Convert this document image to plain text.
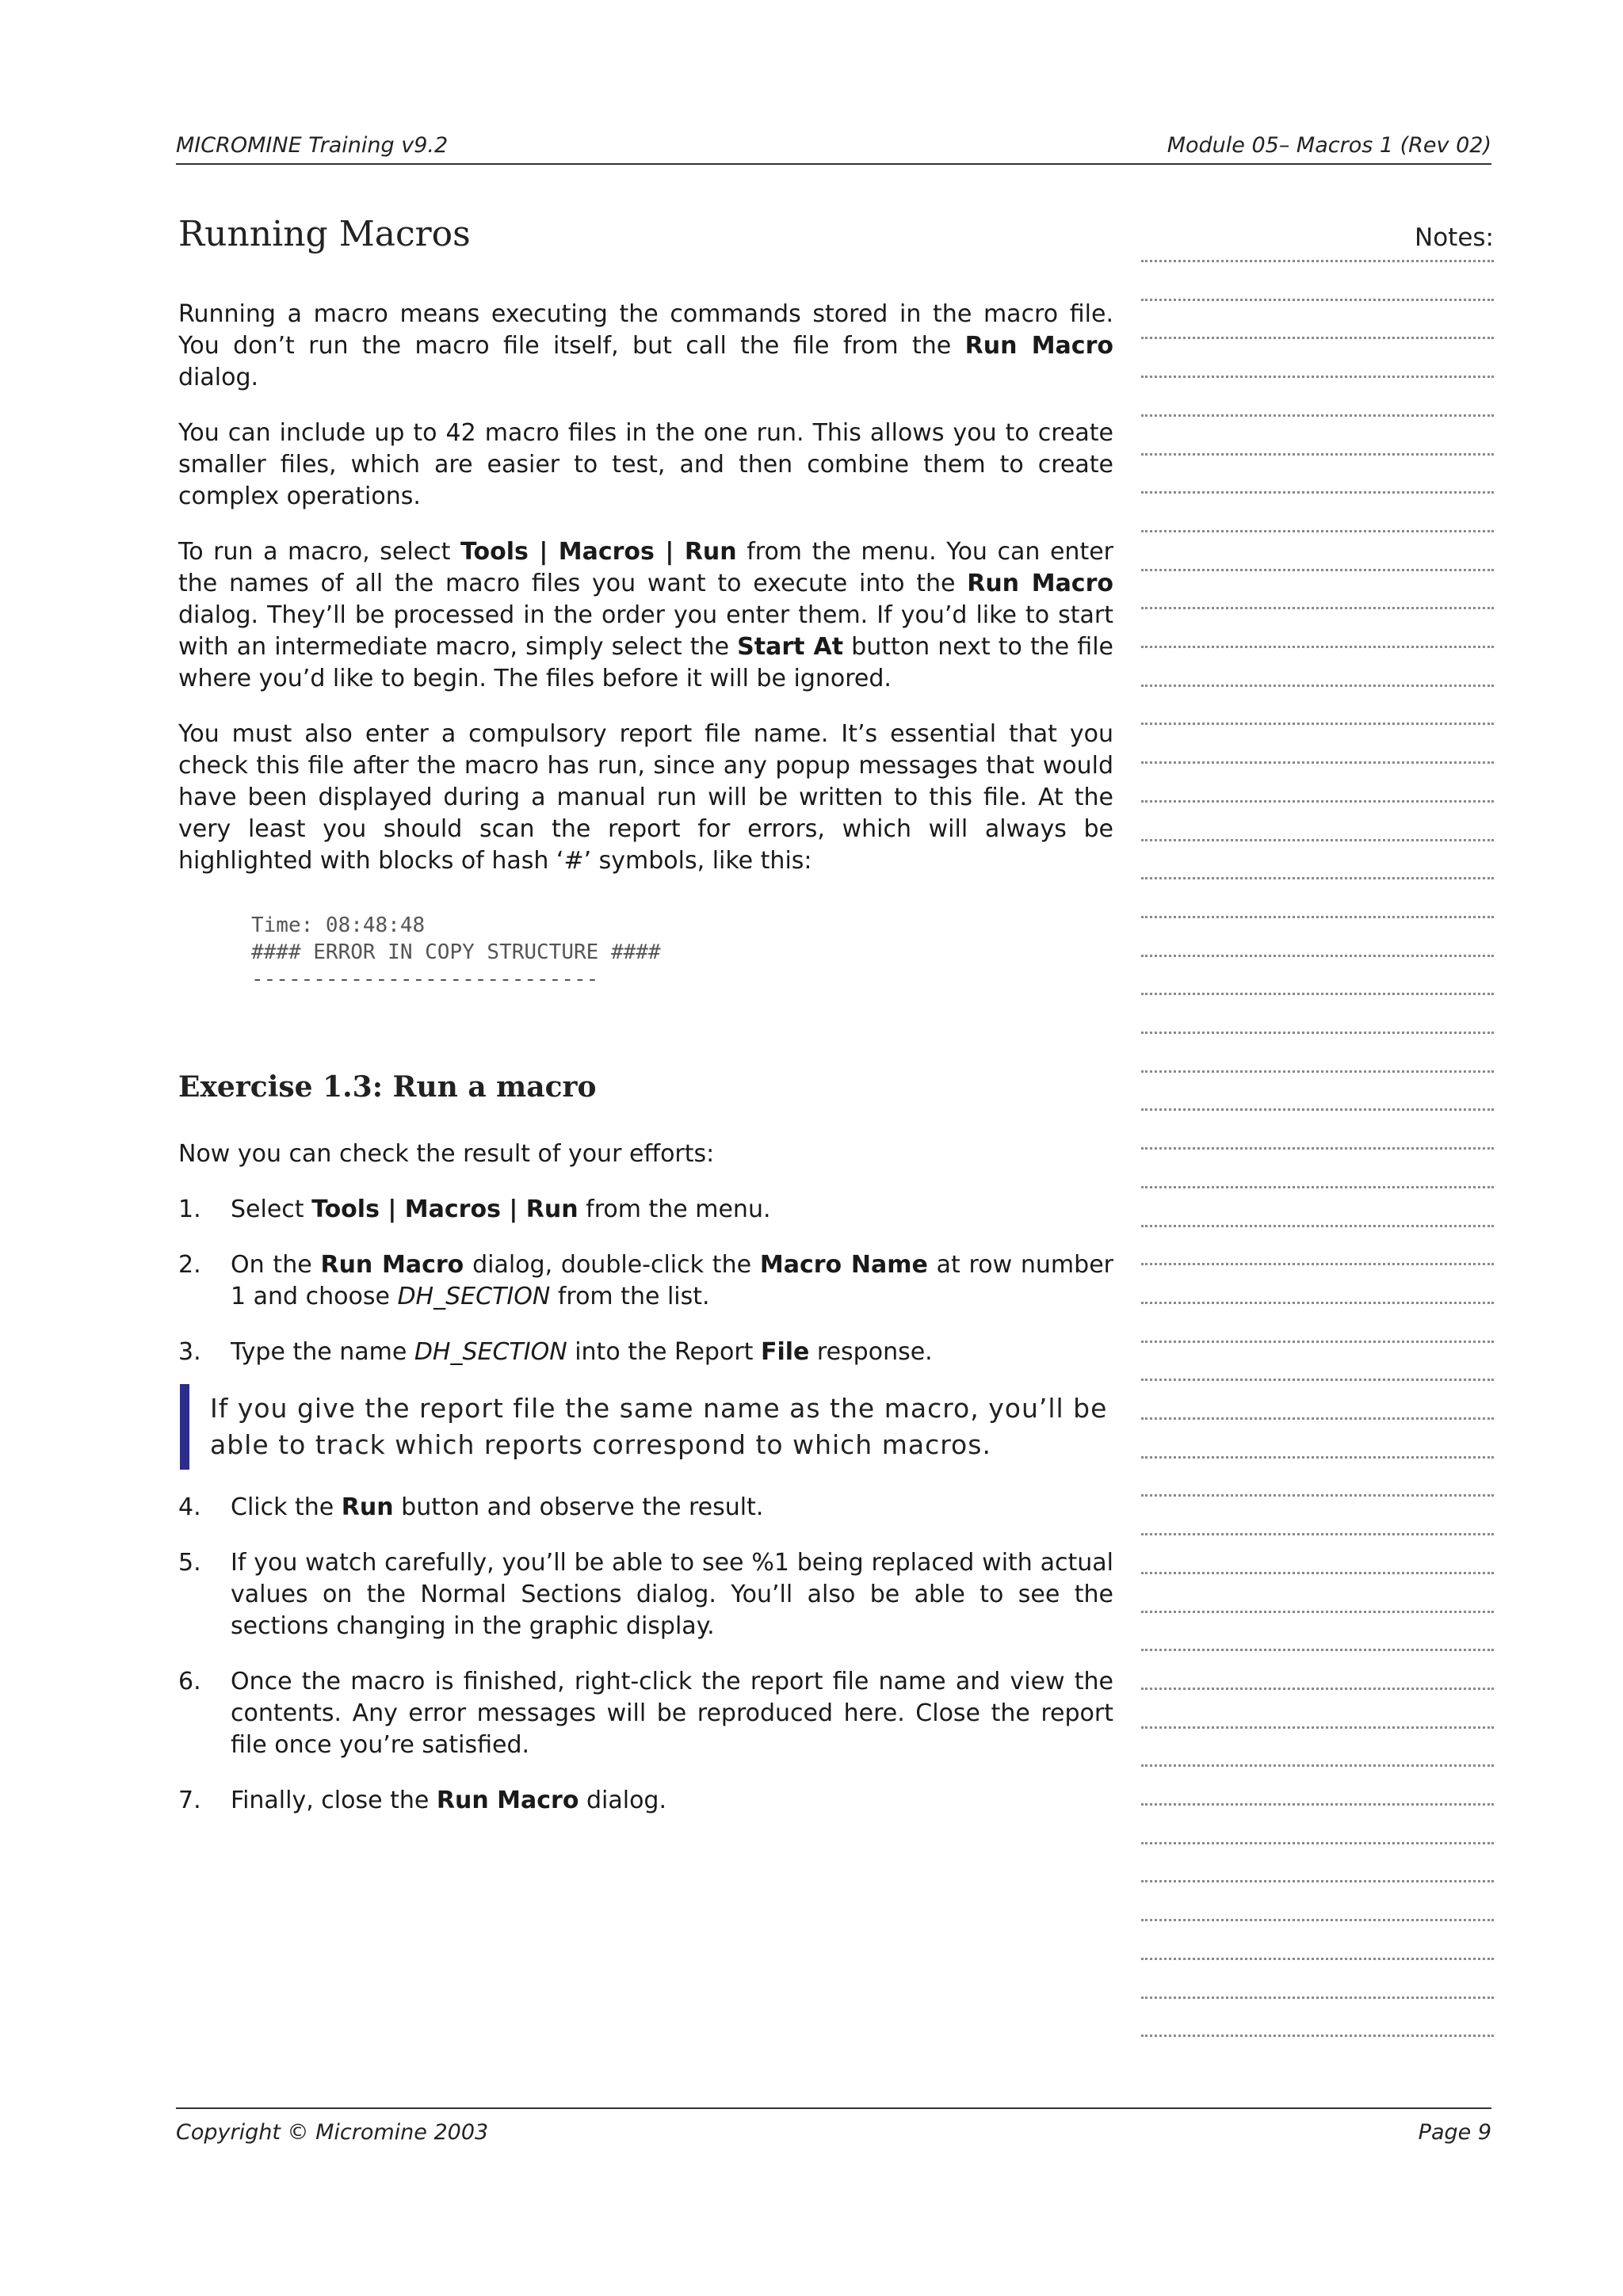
MICROMINE Training v9.2	Module 05– Macros 1 (Rev 02)
Running Macros

Running a macro means executing the commands stored in the macro file. You don’t run the macro file itself, but call the file from the Run Macro dialog.

You can include up to 42 macro files in the one run. This allows you to create smaller files, which are easier to test, and then combine them to create complex operations.

To run a macro, select Tools | Macros | Run from the menu. You can enter the names of all the macro files you want to execute into the Run Macro dialog. They’ll be processed in the order you enter them. If you’d like to start with an intermediate macro, simply select the Start At button next to the file where you’d like to begin. The files before it will be ignored.

You must also enter a compulsory report file name. It’s essential that you check this file after the macro has run, since any popup messages that would have been displayed during a manual run will be written to this file. At the very least you should scan the report for errors, which will always be highlighted with blocks of hash ‘#’ symbols, like this:

Time: 08:48:48
#### ERROR IN COPY STRUCTURE ####
----------------------------
Exercise 1.3: Run a macro

Now you can check the result of your efforts:

1. Select Tools | Macros | Run from the menu.
2. On the Run Macro dialog, double-click the Macro Name at row number 1 and choose DH_SECTION from the list.
3. Type the name DH_SECTION into the Report File response.
If you give the report file the same name as the macro, you’ll be able to track which reports correspond to which macros.
4. Click the Run button and observe the result.
5. If you watch carefully, you’ll be able to see %1 being replaced with actual values on the Normal Sections dialog. You’ll also be able to see the sections changing in the graphic display.
6. Once the macro is finished, right-click the report file name and view the contents. Any error messages will be reproduced here. Close the report file once you’re satisfied.
7. Finally, close the Run Macro dialog.
Notes:
Copyright © Micromine 2003	Page 9
